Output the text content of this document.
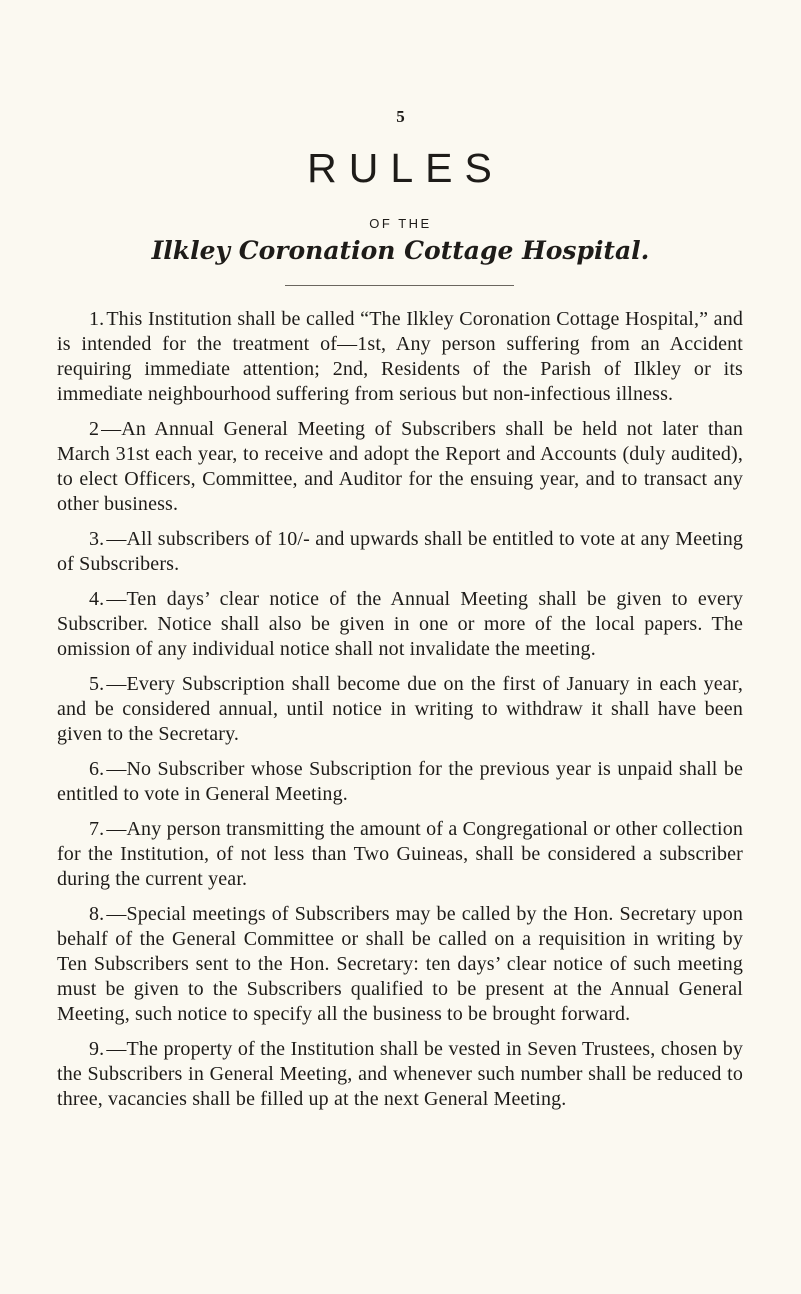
5
RULES
OF THE
Ilkley Coronation Cottage Hospital.

1. This Institution shall be called “The Ilkley Coronation Cottage Hospital,” and is intended for the treatment of—1st, Any person suffering from an Accident requiring immediate attention; 2nd, Residents of the Parish of Ilkley or its immediate neighbourhood suffering from serious but non-infectious illness.

2 —An Annual General Meeting of Subscribers shall be held not later than March 31st each year, to receive and adopt the Report and Accounts (duly audited), to elect Officers, Committee, and Auditor for the ensuing year, and to transact any other business.

3. —All subscribers of 10/- and upwards shall be entitled to vote at any Meeting of Subscribers.

4. —Ten days’ clear notice of the Annual Meeting shall be given to every Subscriber. Notice shall also be given in one or more of the local papers. The omission of any individual notice shall not invalidate the meeting.

5. —Every Subscription shall become due on the first of January in each year, and be considered annual, until notice in writing to withdraw it shall have been given to the Secretary.

6. —No Subscriber whose Subscription for the previous year is unpaid shall be entitled to vote in General Meeting.

7. —Any person transmitting the amount of a Congregational or other collection for the Institution, of not less than Two Guineas, shall be considered a subscriber during the current year.

8. —Special meetings of Subscribers may be called by the Hon. Secretary upon behalf of the General Committee or shall be called on a requisition in writing by Ten Subscribers sent to the Hon. Secretary: ten days’ clear notice of such meeting must be given to the Subscribers qualified to be present at the Annual General Meeting, such notice to specify all the business to be brought forward.

9. —The property of the Institution shall be vested in Seven Trustees, chosen by the Subscribers in General Meeting, and whenever such number shall be reduced to three, vacancies shall be filled up at the next General Meeting.
